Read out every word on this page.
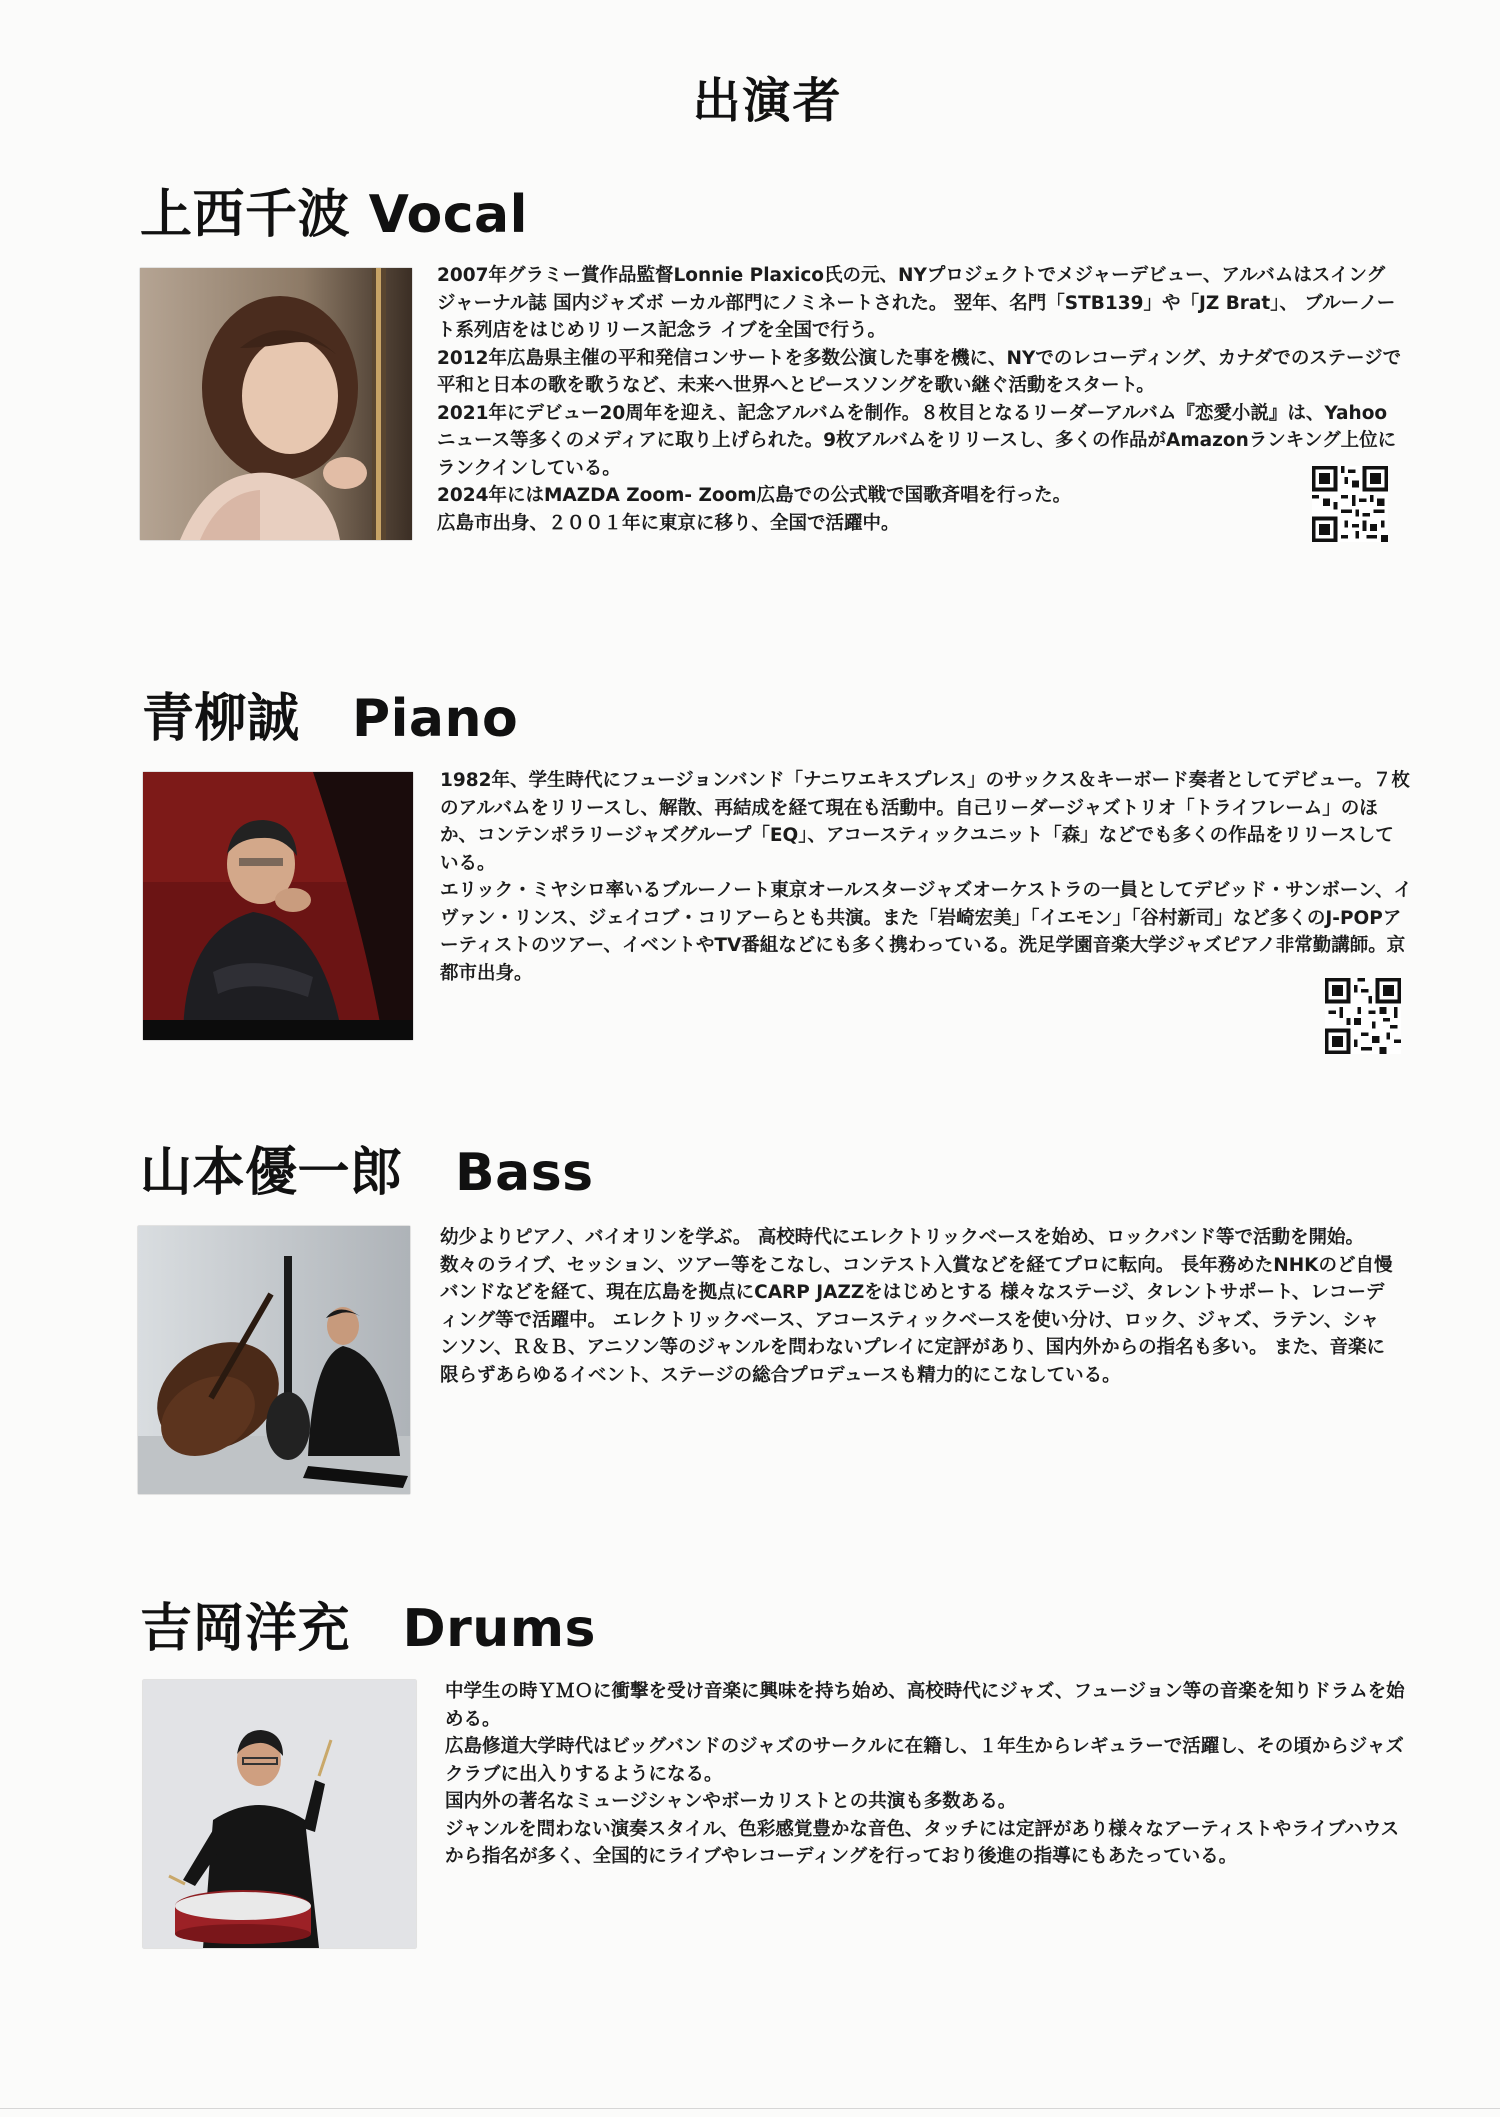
出演者
上西千波 Vocal

2007年グラミー賞作品監督Lonnie Plaxico氏の元、NYプロジェクトでメジャーデビュー、アルバムはスイングジャーナル誌 国内ジャズボ ーカル部門にノミネートされた。 翌年、名門「STB139」や「JZ Brat」、 ブルーノート系列店をはじめリリース記念ラ イブを全国で行う。

2012年広島県主催の平和発信コンサートを多数公演した事を機に、NYでのレコーディング、カナダでのステージで平和と日本の歌を歌うなど、未来へ世界へとピースソングを歌い継ぐ活動をスタート。

2021年にデビュー20周年を迎え、記念アルバムを制作。８枚目となるリーダーアルバム『恋愛小説』は、Yahooニュース等多くのメディアに取り上げられた。9枚アルバムをリリースし、多くの作品がAmazonランキング上位にランクインしている。

2024年にはMAZDA Zoom- Zoom広島での公式戦で国歌斉唱を行った。

広島市出身、２００１年に東京に移り、全国で活躍中。

青柳誠　Piano

1982年、学生時代にフュージョンバンド「ナニワエキスプレス」のサックス＆キーボード奏者としてデビュー。７枚のアルバムをリリースし、解散、再結成を経て現在も活動中。自己リーダージャズトリオ「トライフレーム」のほか、コンテンポラリージャズグループ「EQ」、アコースティックユニット「森」などでも多くの作品をリリースしている。

エリック・ミヤシロ率いるブルーノート東京オールスタージャズオーケストラの一員としてデビッド・サンボーン、イヴァン・リンス、ジェイコブ・コリアーらとも共演。また「岩崎宏美」「イエモン」「谷村新司」など多くのJ-POPアーティストのツアー、イベントやTV番組などにも多く携わっている。洗足学園音楽大学ジャズピアノ非常勤講師。京都市出身。

山本優一郎　Bass

幼少よりピアノ、バイオリンを学ぶ。 高校時代にエレクトリックベースを始め、ロックバンド等で活動を開始。 数々のライブ、セッション、ツアー等をこなし、コンテスト入賞などを経てプロに転向。 長年務めたNHKのど自慢バンドなどを経て、現在広島を拠点にCARP JAZZをはじめとする 様々なステージ、タレントサポート、レコーディング等で活躍中。 エレクトリックベース、アコースティックベースを使い分け、ロック、ジャズ、ラテン、シャンソン、Ｒ＆Ｂ、アニソン等のジャンルを問わないプレイに定評があり、国内外からの指名も多い。 また、音楽に限らずあらゆるイベント、ステージの総合プロデュースも精力的にこなしている。

吉岡洋充　Drums

中学生の時ＹＭＯに衝撃を受け音楽に興味を持ち始め、高校時代にジャズ、フュージョン等の音楽を知りドラムを始める。

広島修道大学時代はビッグバンドのジャズのサークルに在籍し、１年生からレギュラーで活躍し、その頃からジャズクラブに出入りするようになる。

国内外の著名なミュージシャンやボーカリストとの共演も多数ある。

ジャンルを問わない演奏スタイル、色彩感覚豊かな音色、タッチには定評があり様々なアーティストやライブハウスから指名が多く、全国的にライブやレコーディングを行っており後進の指導にもあたっている。
